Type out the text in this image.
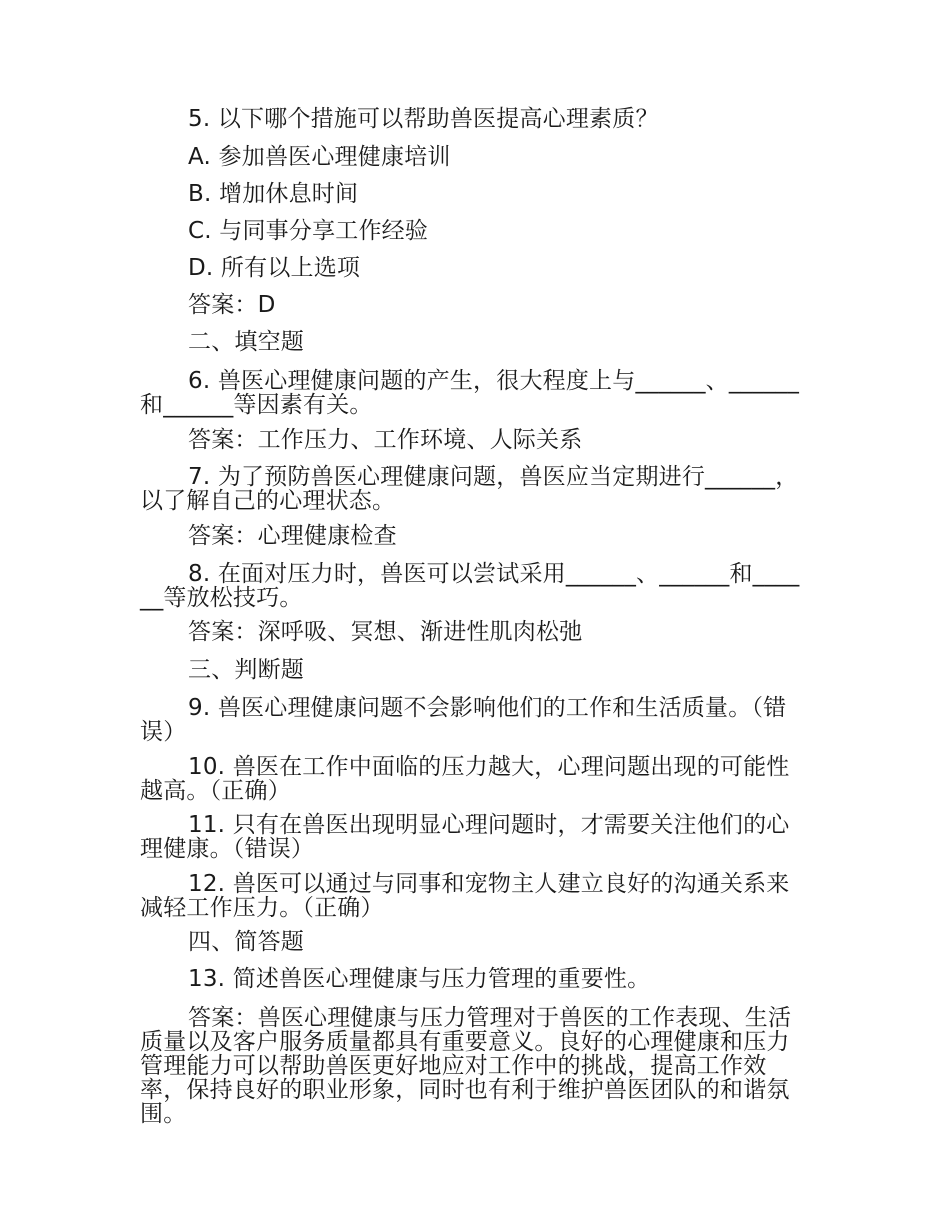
5. 以下哪个措施可以帮助兽医提高心理素质？
A. 参加兽医心理健康培训
B. 增加休息时间
C. 与同事分享工作经验
D. 所有以上选项
答案：D
二、填空题
6. 兽医心理健康问题的产生，很大程度上与______、______和______等因素有关。
答案：工作压力、工作环境、人际关系
7. 为了预防兽医心理健康问题，兽医应当定期进行______，以了解自己的心理状态。
答案：心理健康检查
8. 在面对压力时，兽医可以尝试采用______、______和______等放松技巧。
答案：深呼吸、冥想、渐进性肌肉松弛
三、判断题
9. 兽医心理健康问题不会影响他们的工作和生活质量。（错误）
10. 兽医在工作中面临的压力越大，心理问题出现的可能性越高。（正确）
11. 只有在兽医出现明显心理问题时，才需要关注他们的心理健康。（错误）
12. 兽医可以通过与同事和宠物主人建立良好的沟通关系来减轻工作压力。（正确）
四、简答题
13. 简述兽医心理健康与压力管理的重要性。
答案：兽医心理健康与压力管理对于兽医的工作表现、生活质量以及客户服务质量都具有重要意义。良好的心理健康和压力管理能力可以帮助兽医更好地应对工作中的挑战，提高工作效率，保持良好的职业形象，同时也有利于维护兽医团队的和谐氛围。
